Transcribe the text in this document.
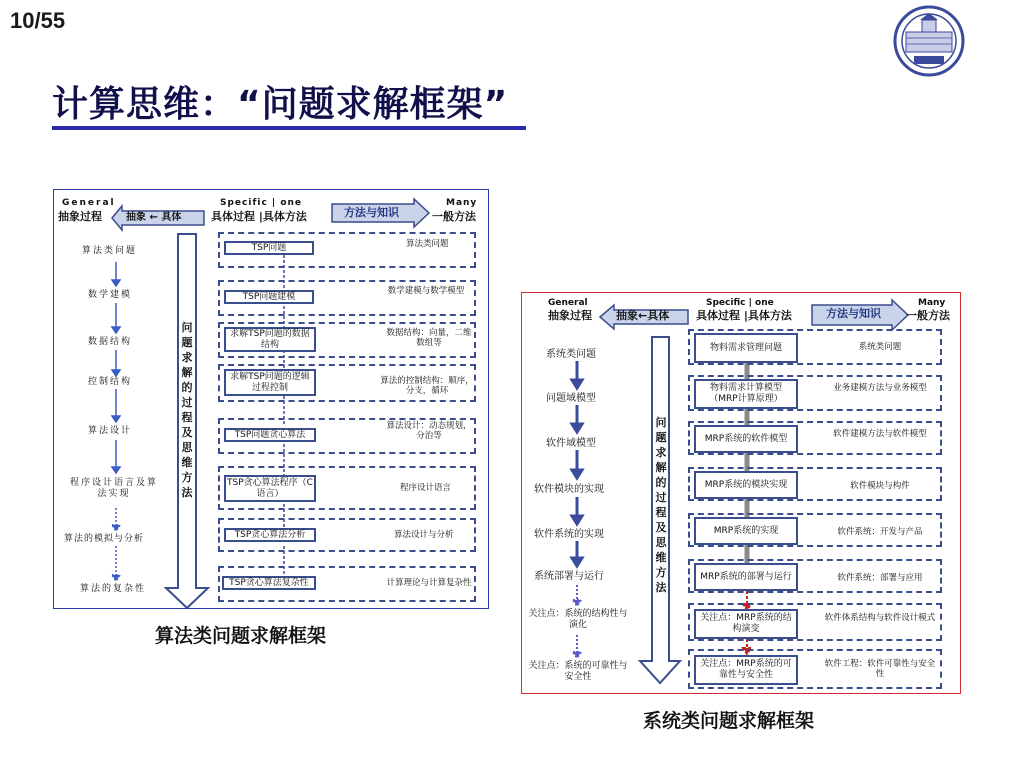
10/55
计算思维：“问题求解框架”
General
抽象过程 抽象 ← 具体
Specific | one
具体过程 |具体方法	方法与知识
Many
一般方法
问题求解的过程及思维方法
算法类问题
数学建模
数据结构
控制结构
算法设计
程序设计语言及算法实现
算法的模拟与分析
算法的复杂性
TSP问题
TSP问题建模
求解TSP问题的数据结构
求解TSP问题的逻辑过程控制
TSP问题贪心算法
TSP贪心算法程序（C语言）
TSP贪心算法分析
TSP贪心算法复杂性
算法类问题
数学建模与数学模型
数据结构：向量，二维数组等
算法的控制结构：顺序，分支，循环
算法设计：动态规划，分治等
程序设计语言
算法设计与分析
计算理论与计算复杂性
算法类问题求解框架
General
抽象过程 抽象←具体
Specific | one
具体过程 |具体方法	方法与知识
Many
一般方法
问题求解的过程及思维方法
系统类问题
问题域模型
软件域模型
软件模块的实现
软件系统的实现
系统部署与运行
关注点：系统的结构性与演化
关注点：系统的可靠性与安全性
物料需求管理问题
物料需求计算模型（MRP计算原理）
MRP系统的软件模型
MRP系统的模块实现
MRP系统的实现
MRP系统的部署与运行
关注点：MRP系统的结构演变
关注点：MRP系统的可靠性与安全性
系统类问题
业务建模方法与业务模型
软件建模方法与软件模型
软件模块与构件
软件系统：开发与产品
软件系统：部署与应用
软件体系结构与软件设计模式
软件工程：软件可靠性与安全性
系统类问题求解框架
